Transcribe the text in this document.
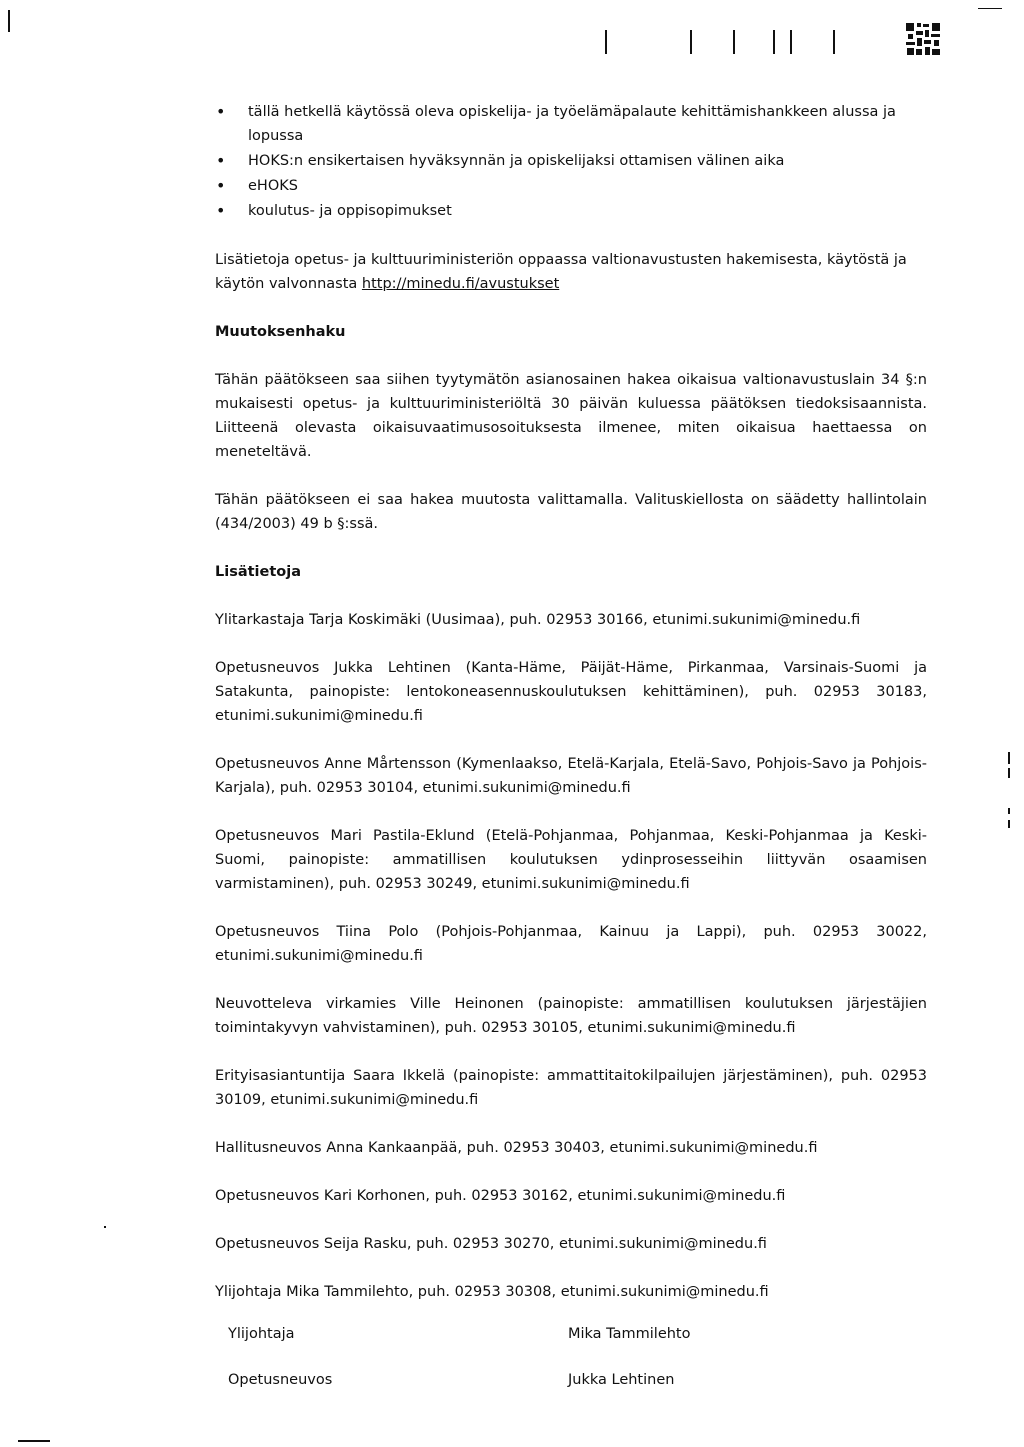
• tällä hetkellä käytössä oleva opiskelija- ja työelämäpalaute kehittämishankkeen alussa ja lopussa
• HOKS:n ensikertaisen hyväksynnän ja opiskelijaksi ottamisen välinen aika
• eHOKS
• koulutus- ja oppisopimukset

Lisätietoja opetus- ja kulttuuriministeriön oppaassa valtionavustusten hakemisesta, käytöstä ja käytön valvonnasta http://minedu.fi/avustukset

Muutoksenhaku

Tähän päätökseen saa siihen tyytymätön asianosainen hakea oikaisua valtionavustuslain 34 §:n mukaisesti opetus- ja kulttuuriministeriöltä 30 päivän kuluessa päätöksen tiedoksisaannista. Liitteenä olevasta oikaisuvaatimusosoituksesta ilmenee, miten oikaisua haettaessa on meneteltävä.

Tähän päätökseen ei saa hakea muutosta valittamalla. Valituskiellosta on säädetty hallintolain (434/2003) 49 b §:ssä.

Lisätietoja

Ylitarkastaja Tarja Koskimäki (Uusimaa), puh. 02953 30166, etunimi.sukunimi@minedu.fi

Opetusneuvos Jukka Lehtinen (Kanta-Häme, Päijät-Häme, Pirkanmaa, Varsinais-Suomi ja Satakunta, painopiste: lentokoneasennuskoulutuksen kehittäminen), puh. 02953 30183, etunimi.sukunimi@minedu.fi

Opetusneuvos Anne Mårtensson (Kymenlaakso, Etelä-Karjala, Etelä-Savo, Pohjois-Savo ja Pohjois-Karjala), puh. 02953 30104, etunimi.sukunimi@minedu.fi

Opetusneuvos Mari Pastila-Eklund (Etelä-Pohjanmaa, Pohjanmaa, Keski-Pohjanmaa ja Keski-Suomi, painopiste: ammatillisen koulutuksen ydinprosesseihin liittyvän osaamisen varmistaminen), puh. 02953 30249, etunimi.sukunimi@minedu.fi

Opetusneuvos Tiina Polo (Pohjois-Pohjanmaa, Kainuu ja Lappi), puh. 02953 30022, etunimi.sukunimi@minedu.fi

Neuvotteleva virkamies Ville Heinonen (painopiste: ammatillisen koulutuksen järjestäjien toimintakyvyn vahvistaminen), puh. 02953 30105, etunimi.sukunimi@minedu.fi

Erityisasiantuntija Saara Ikkelä (painopiste: ammattitaitokilpailujen järjestäminen), puh. 02953 30109, etunimi.sukunimi@minedu.fi

Hallitusneuvos Anna Kankaanpää, puh. 02953 30403, etunimi.sukunimi@minedu.fi

Opetusneuvos Kari Korhonen, puh. 02953 30162, etunimi.sukunimi@minedu.fi

Opetusneuvos Seija Rasku, puh. 02953 30270, etunimi.sukunimi@minedu.fi

Ylijohtaja Mika Tammilehto, puh. 02953 30308, etunimi.sukunimi@minedu.fi

Ylijohtaja	Mika Tammilehto
Opetusneuvos	Jukka Lehtinen
